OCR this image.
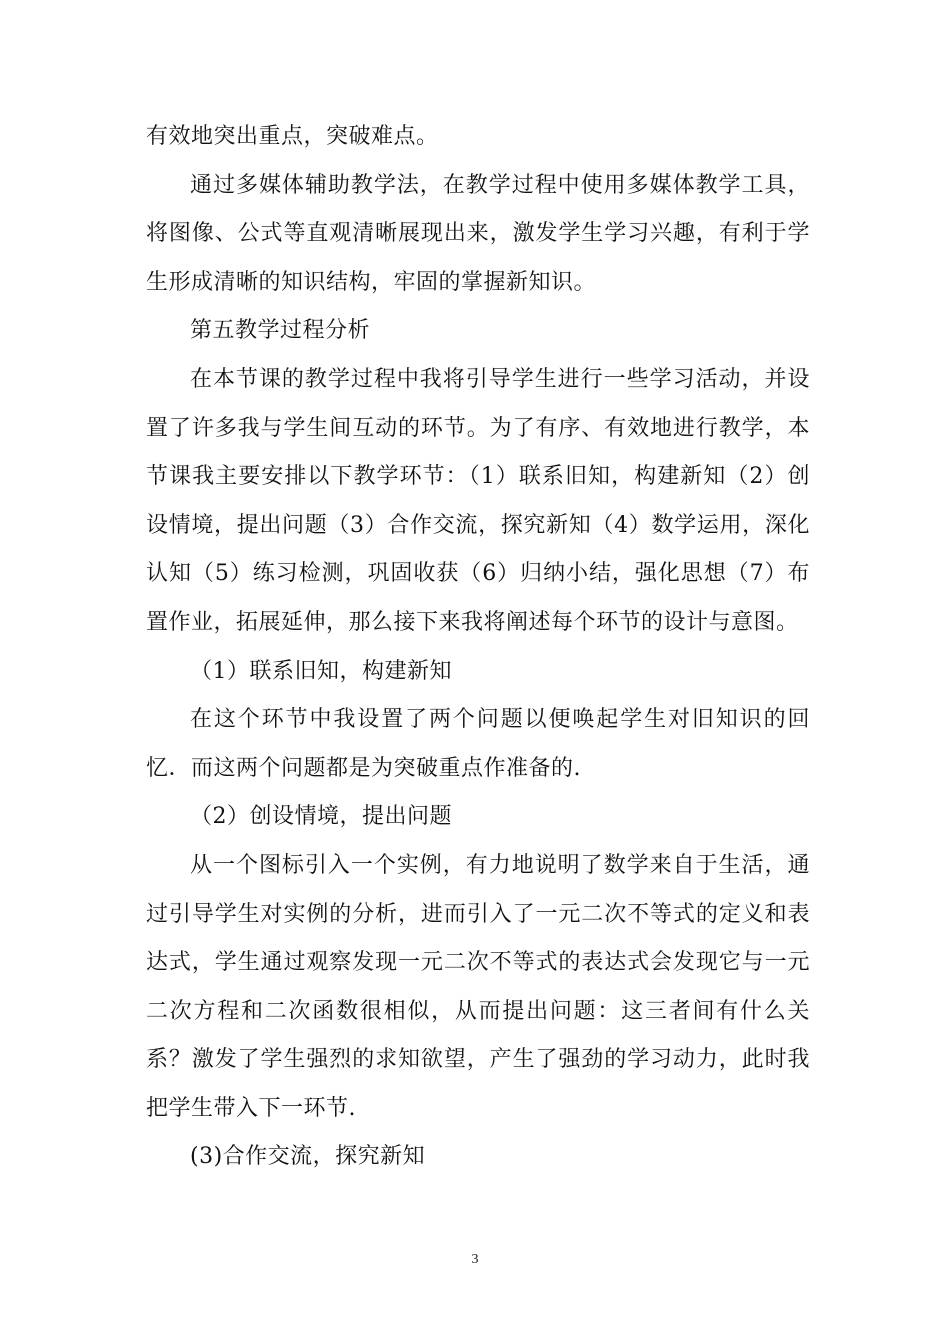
有效地突出重点，突破难点。

通过多媒体辅助教学法，在教学过程中使用多媒体教学工具，将图像、公式等直观清晰展现出来，激发学生学习兴趣，有利于学生形成清晰的知识结构，牢固的掌握新知识。

第五教学过程分析

在本节课的教学过程中我将引导学生进行一些学习活动，并设置了许多我与学生间互动的环节。为了有序、有效地进行教学，本节课我主要安排以下教学环节：（1）联系旧知，构建新知（2）创设情境，提出问题（3）合作交流，探究新知（4）数学运用，深化认知（5）练习检测，巩固收获（6）归纳小结，强化思想（7）布置作业，拓展延伸，那么接下来我将阐述每个环节的设计与意图。

（1）联系旧知，构建新知

在这个环节中我设置了两个问题以便唤起学生对旧知识的回忆．而这两个问题都是为突破重点作准备的.

（2）创设情境，提出问题

从一个图标引入一个实例，有力地说明了数学来自于生活，通过引导学生对实例的分析，进而引入了一元二次不等式的定义和表达式，学生通过观察发现一元二次不等式的表达式会发现它与一元二次方程和二次函数很相似，从而提出问题：这三者间有什么关系？激发了学生强烈的求知欲望，产生了强劲的学习动力，此时我把学生带入下一环节.

(3)合作交流，探究新知

3
